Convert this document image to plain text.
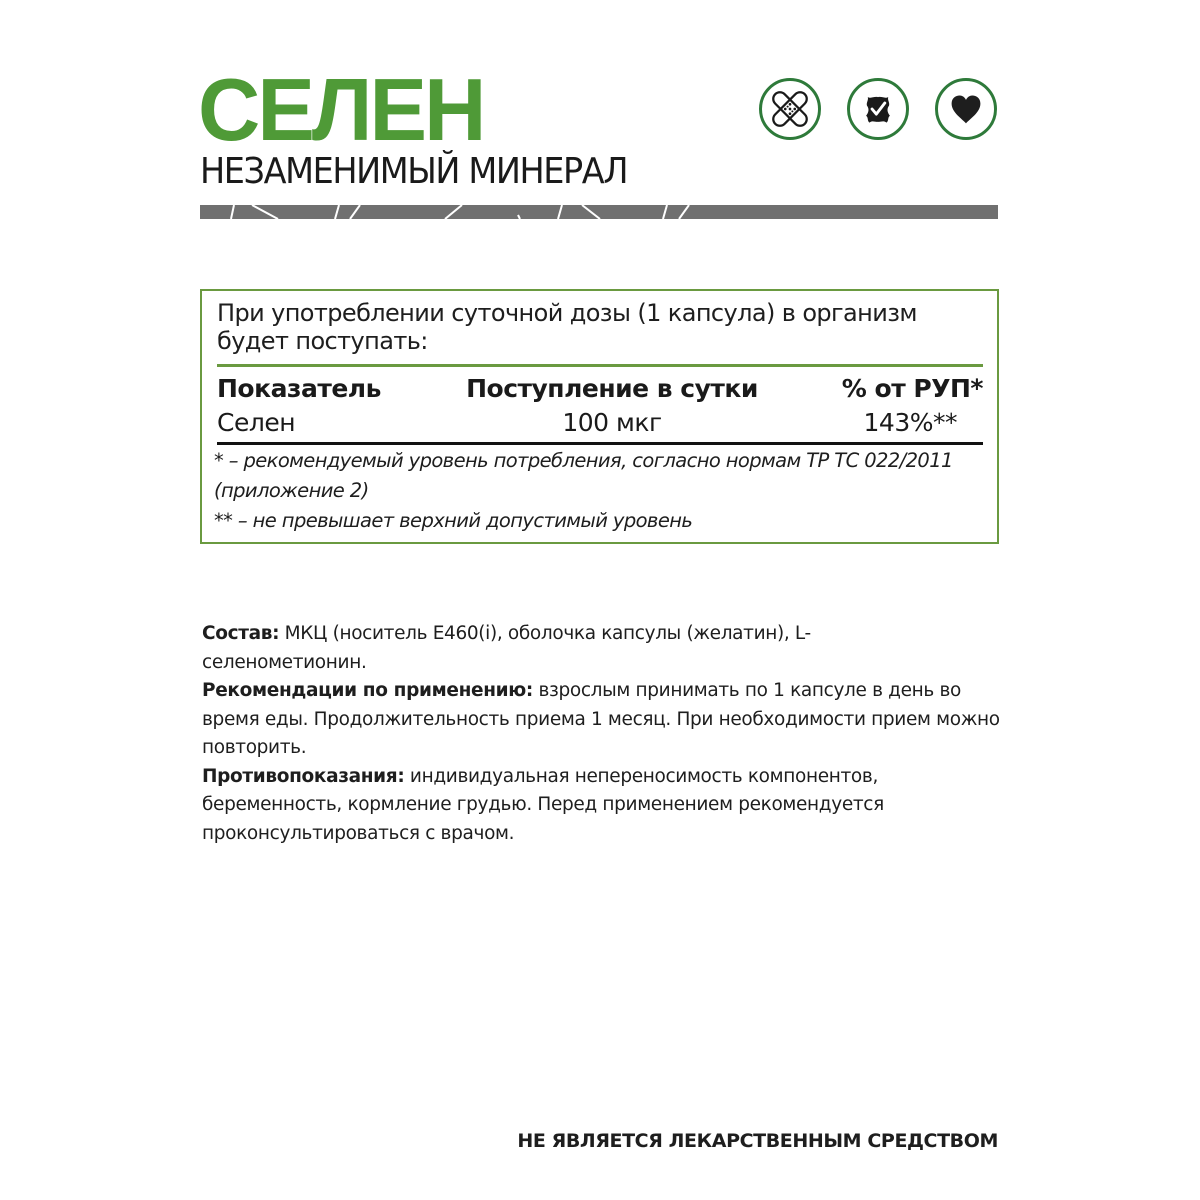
СЕЛЕН
НЕЗАМЕНИМЫЙ МИНЕРАЛ
При употреблении суточной дозы (1 капсула) в организм будет поступать:
Показатель	Поступление в сутки	% от РУП*
Селен	100 мкг	143%**
* – рекомендуемый уровень потребления, согласно нормам ТР ТС 022/2011 (приложение 2)
** – не превышает верхний допустимый уровень

Состав: МКЦ (носитель Е460(i), оболочка капсулы (желатин), L-селенометионин.

Рекомендации по применению: взрослым принимать по 1 капсуле в день во время еды. Продолжительность приема 1 месяц. При необходимости прием можно повторить.

Противопоказания: индивидуальная непереносимость компонентов, беременность, кормление грудью. Перед применением рекомендуется проконсультироваться с врачом.

НЕ ЯВЛЯЕТСЯ ЛЕКАРСТВЕННЫМ СРЕДСТВОМ
